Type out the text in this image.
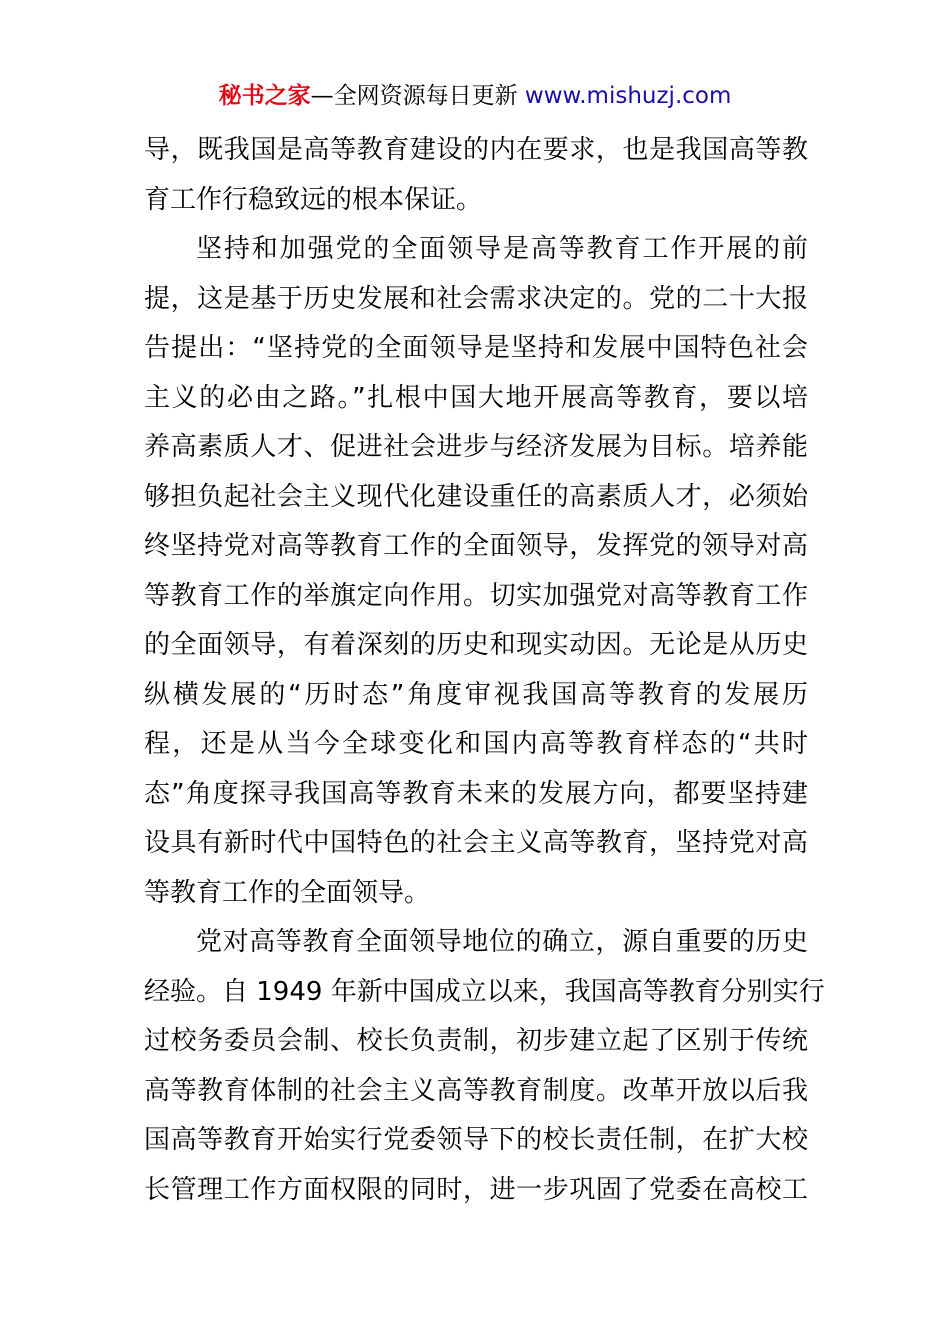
秘书之家—全网资源每日更新 www.mishuzj.com
导，既我国是高等教育建设的内在要求，也是我国高等教
育工作行稳致远的根本保证。
坚持和加强党的全面领导是高等教育工作开展的前
提，这是基于历史发展和社会需求决定的。党的二十大报
告提出：“坚持党的全面领导是坚持和发展中国特色社会
主义的必由之路。”扎根中国大地开展高等教育，要以培
养高素质人才、促进社会进步与经济发展为目标。培养能
够担负起社会主义现代化建设重任的高素质人才，必须始
终坚持党对高等教育工作的全面领导，发挥党的领导对高
等教育工作的举旗定向作用。切实加强党对高等教育工作
的全面领导，有着深刻的历史和现实动因。无论是从历史
纵横发展的“历时态”角度审视我国高等教育的发展历
程，还是从当今全球变化和国内高等教育样态的“共时
态”角度探寻我国高等教育未来的发展方向，都要坚持建
设具有新时代中国特色的社会主义高等教育，坚持党对高
等教育工作的全面领导。
党对高等教育全面领导地位的确立，源自重要的历史
经验。自 1949 年新中国成立以来，我国高等教育分别实行
过校务委员会制、校长负责制，初步建立起了区别于传统
高等教育体制的社会主义高等教育制度。改革开放以后我
国高等教育开始实行党委领导下的校长责任制，在扩大校
长管理工作方面权限的同时，进一步巩固了党委在高校工
